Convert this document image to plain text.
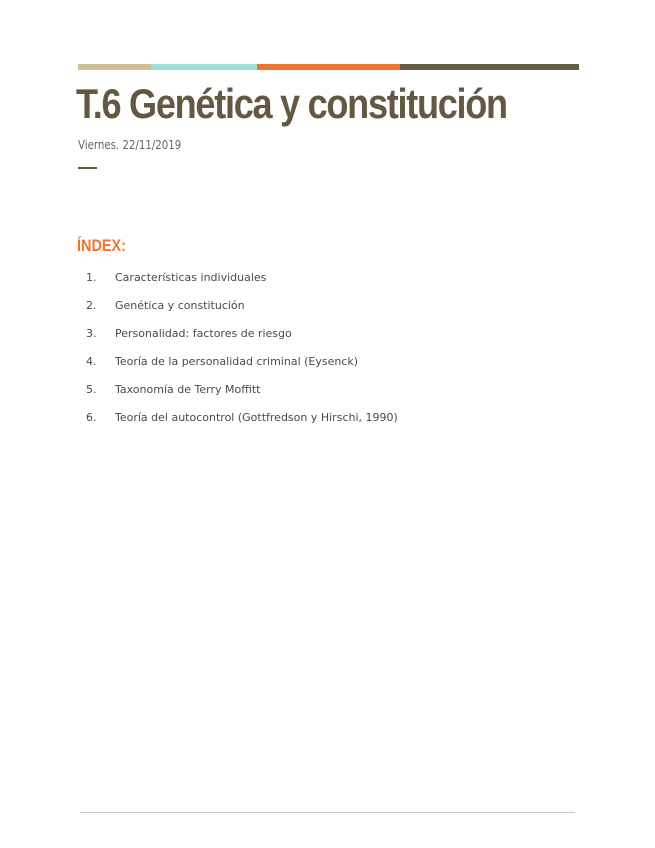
T.6 Genética y constitución
Viernes. 22/11/2019
ÍNDEX:
1. Características individuales
2. Genética y constitución
3. Personalidad: factores de riesgo
4. Teoría de la personalidad criminal (Eysenck)
5. Taxonomía de Terry Moffitt
6. Teoría del autocontrol (Gottfredson y Hirschi, 1990)
